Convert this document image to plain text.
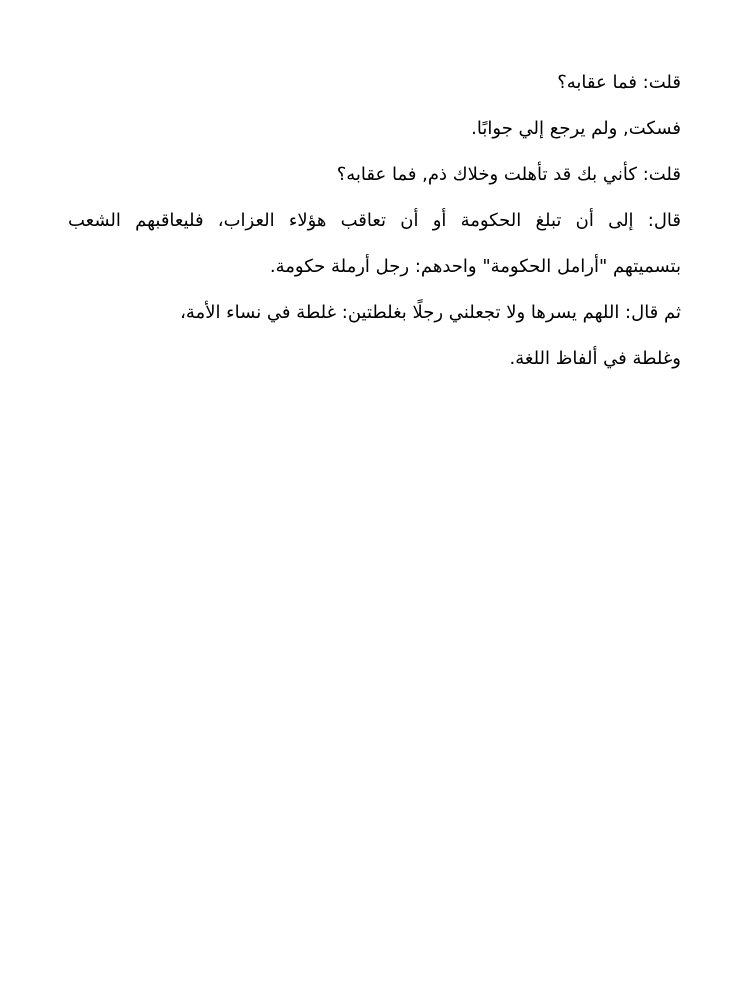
قلت: فما عقابه؟
فسكت, ولم يرجع إلي جوابًا.
قلت: كأني بك قد تأهلت وخلاك ذم, فما عقابه؟
قال: إلى أن تبلغ الحكومة أو أن تعاقب هؤلاء العزاب، فليعاقبهم الشعب
بتسميتهم "أرامل الحكومة" واحدهم: رجل أرملة حكومة.
ثم قال: اللهم يسرها ولا تجعلني رجلًا بغلطتين: غلطة في نساء الأمة،
وغلطة في ألفاظ اللغة.
